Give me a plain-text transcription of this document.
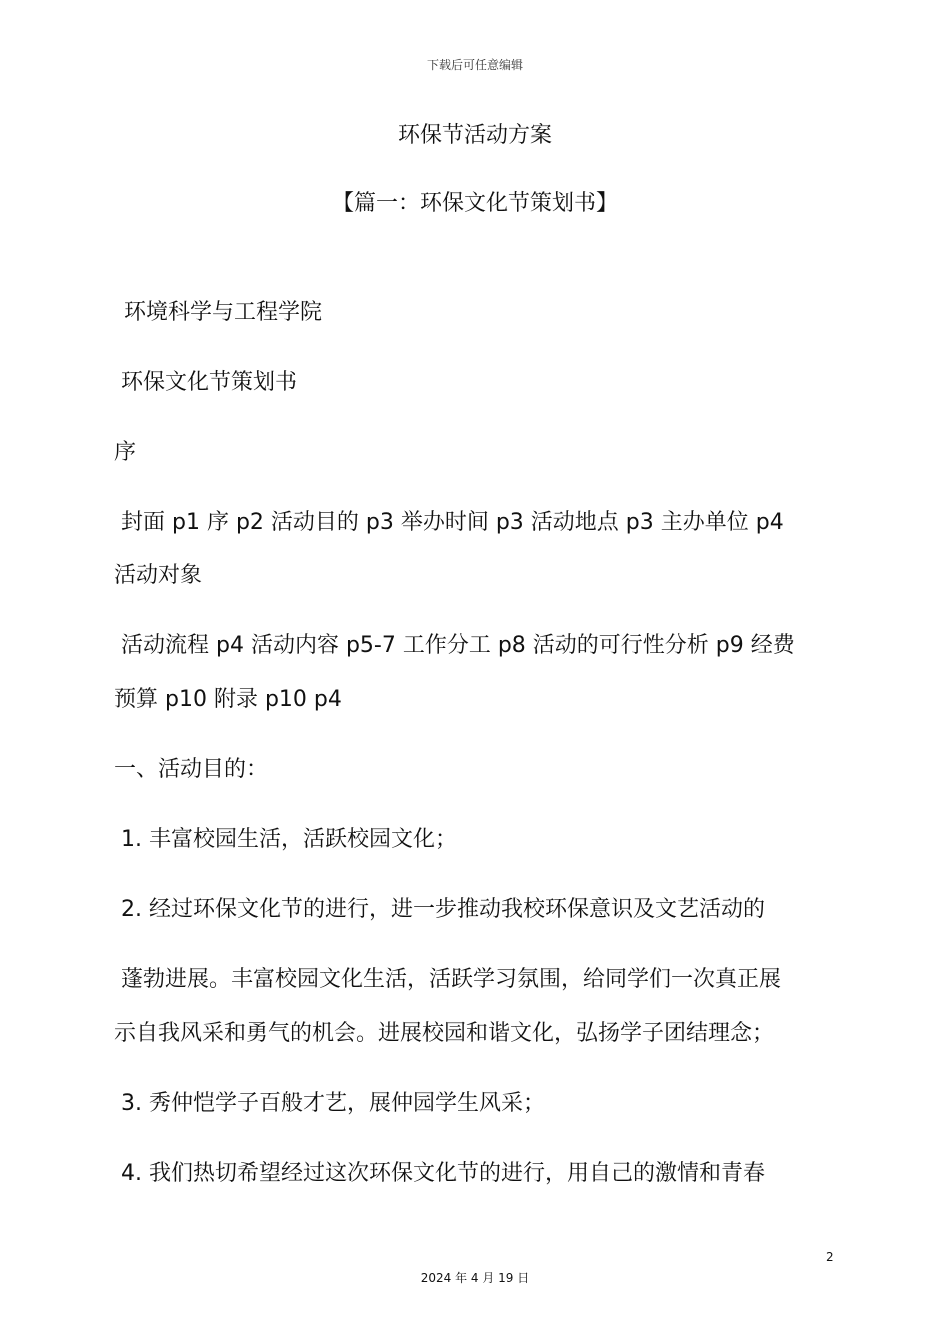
下载后可任意编辑
环保节活动方案
【篇一：环保文化节策划书】
环境科学与工程学院
环保文化节策划书
序
封面 p1 序 p2 活动目的 p3 举办时间 p3 活动地点 p3 主办单位 p4
活动对象
活动流程 p4 活动内容 p5-7 工作分工 p8 活动的可行性分析 p9 经费
预算 p10 附录 p10 p4
一、活动目的：
1. 丰富校园生活，活跃校园文化；
2. 经过环保文化节的进行，进一步推动我校环保意识及文艺活动的
蓬勃进展。丰富校园文化生活，活跃学习氛围，给同学们一次真正展
示自我风采和勇气的机会。进展校园和谐文化，弘扬学子团结理念；
3. 秀仲恺学子百般才艺，展仲园学生风采；
4. 我们热切希望经过这次环保文化节的进行，用自己的激情和青春
2
2024 年 4 月 19 日
